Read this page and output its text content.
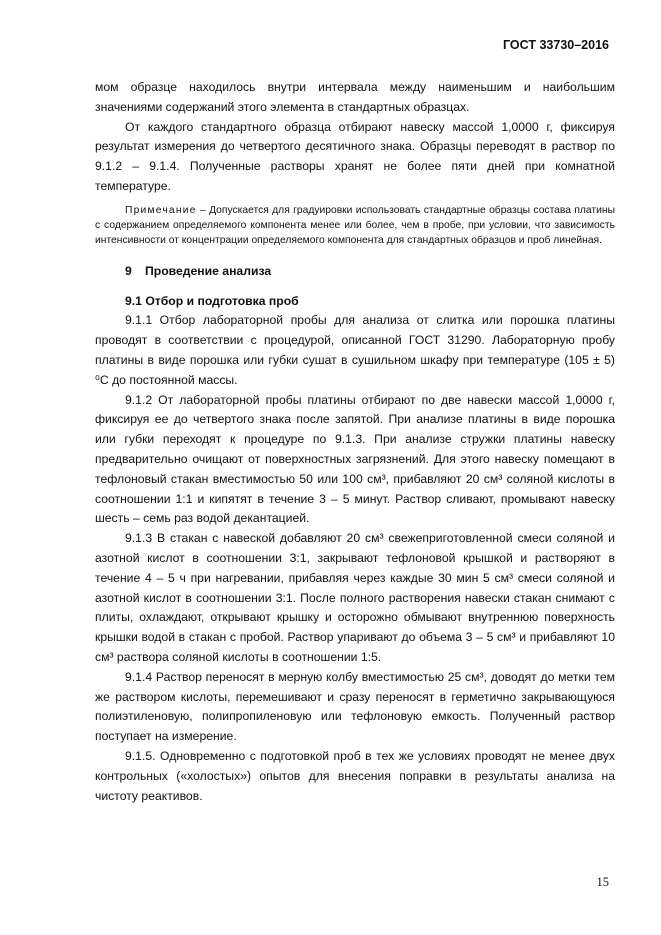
ГОСТ 33730–2016

мом образце находилось внутри интервала между наименьшим и наибольшим значениями содержаний этого элемента в стандартных образцах.

От каждого стандартного образца отбирают навеску массой 1,0000 г, фиксируя результат измерения до четвертого десятичного знака. Образцы переводят в раствор по 9.1.2 – 9.1.4. Полученные растворы хранят не более пяти дней при комнатной температуре.

Примечание – Допускается для градуировки использовать стандартные образцы состава платины с содержанием определяемого компонента менее или более, чем в пробе, при условии, что зависимость интенсивности от концентрации определяемого компонента для стандартных образцов и проб линейная.

9 Проведение анализа

9.1 Отбор и подготовка проб

9.1.1 Отбор лабораторной пробы для анализа от слитка или порошка платины проводят в соответствии с процедурой, описанной ГОСТ 31290. Лабораторную пробу платины в виде порошка или губки сушат в сушильном шкафу при температуре (105 ± 5) ⁰С до постоянной массы.

9.1.2 От лабораторной пробы платины отбирают по две навески массой 1,0000 г, фиксируя ее до четвертого знака после запятой. При анализе платины в виде порошка или губки переходят к процедуре по 9.1.3. При анализе стружки платины навеску предварительно очищают от поверхностных загрязнений. Для этого навеску помещают в тефлоновый стакан вместимостью 50 или 100 см³, прибавляют 20 см³ соляной кислоты в соотношении 1:1 и кипятят в течение 3 – 5 минут. Раствор сливают, промывают навеску шесть – семь раз водой декантацией.

9.1.3 В стакан с навеской добавляют 20 см³ свежеприготовленной смеси соляной и азотной кислот в соотношении 3:1, закрывают тефлоновой крышкой и растворяют в течение 4 – 5 ч при нагревании, прибавляя через каждые 30 мин 5 см³ смеси соляной и азотной кислот в соотношении 3:1. После полного растворения навески стакан снимают с плиты, охлаждают, открывают крышку и осторожно обмывают внутреннюю поверхность крышки водой в стакан с пробой. Раствор упаривают до объема 3 – 5 см³ и прибавляют 10 см³ раствора соляной кислоты в соотношении 1:5.

9.1.4 Раствор переносят в мерную колбу вместимостью 25 см³, доводят до метки тем же раствором кислоты, перемешивают и сразу переносят в герметично закрывающуюся полиэтиленовую, полипропиленовую или тефлоновую емкость. Полученный раствор поступает на измерение.

9.1.5. Одновременно с подготовкой проб в тех же условиях проводят не менее двух контрольных («холостых») опытов для внесения поправки в результаты анализа на чистоту реактивов.

15
